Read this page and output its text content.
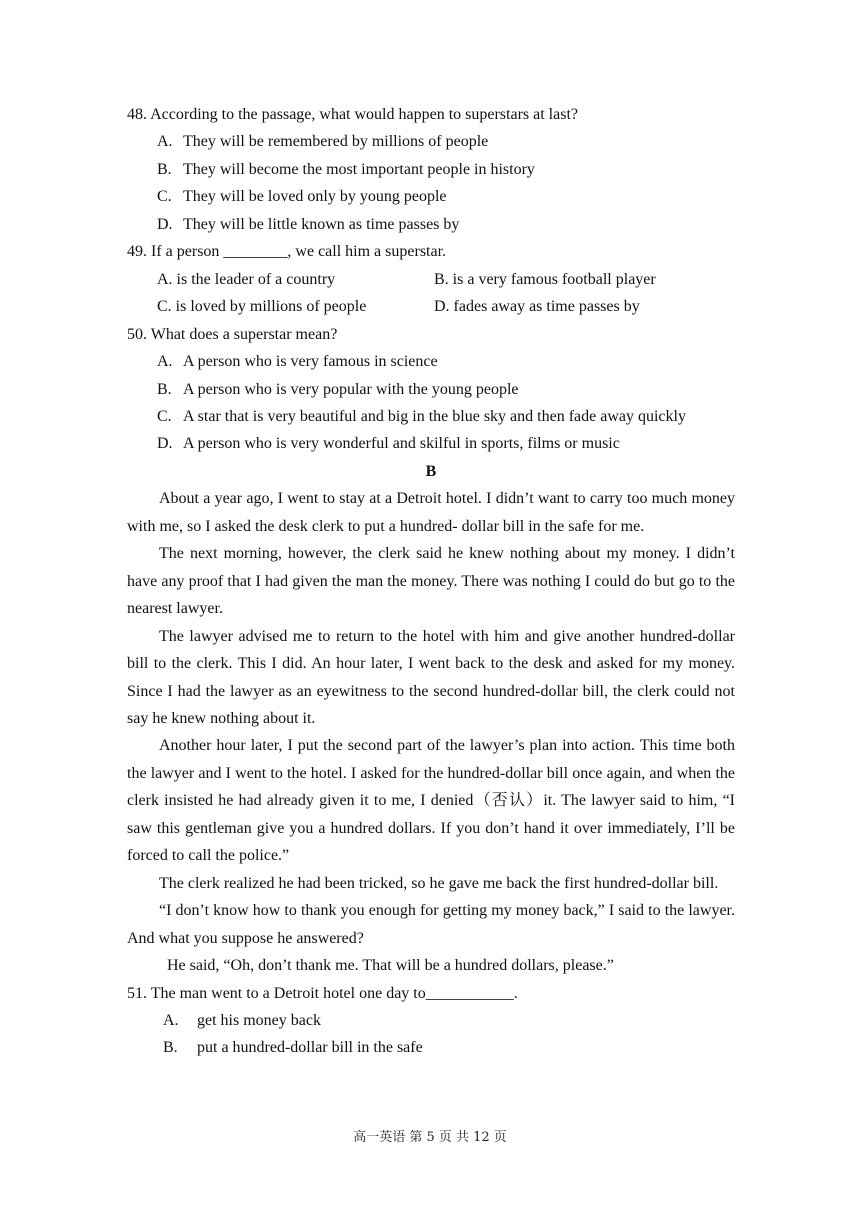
48. According to the passage, what would happen to superstars at last?

A. They will be remembered by millions of people
B. They will become the most important people in history
C. They will be loved only by young people
D. They will be little known as time passes by

49. If a person ________, we call him a superstar.

A. is the leader of a country	B. is a very famous football player
C. is loved by millions of people	D. fades away as time passes by

50. What does a superstar mean?

A. A person who is very famous in science
B. A person who is very popular with the young people
C. A star that is very beautiful and big in the blue sky and then fade away quickly
D. A person who is very wonderful and skilful in sports, films or music

B

About a year ago, I went to stay at a Detroit hotel. I didn’t want to carry too much money with me, so I asked the desk clerk to put a hundred- dollar bill in the safe for me.

The next morning, however, the clerk said he knew nothing about my money. I didn’t have any proof that I had given the man the money. There was nothing I could do but go to the nearest lawyer.

The lawyer advised me to return to the hotel with him and give another hundred-dollar bill to the clerk. This I did. An hour later, I went back to the desk and asked for my money. Since I had the lawyer as an eyewitness to the second hundred-dollar bill, the clerk could not say he knew nothing about it.

Another hour later, I put the second part of the lawyer’s plan into action. This time both the lawyer and I went to the hotel. I asked for the hundred-dollar bill once again, and when the clerk insisted he had already given it to me, I denied（否认）it. The lawyer said to him, “I saw this gentleman give you a hundred dollars. If you don’t hand it over immediately, I’ll be forced to call the police.”

The clerk realized he had been tricked, so he gave me back the first hundred-dollar bill.

“I don’t know how to thank you enough for getting my money back,” I said to the lawyer. And what you suppose he answered?

He said, “Oh, don’t thank me. That will be a hundred dollars, please.”

51. The man went to a Detroit hotel one day to___________.

A.	get his money back
B.	put a hundred-dollar bill in the safe
高一英语 第 5 页 共 12 页
